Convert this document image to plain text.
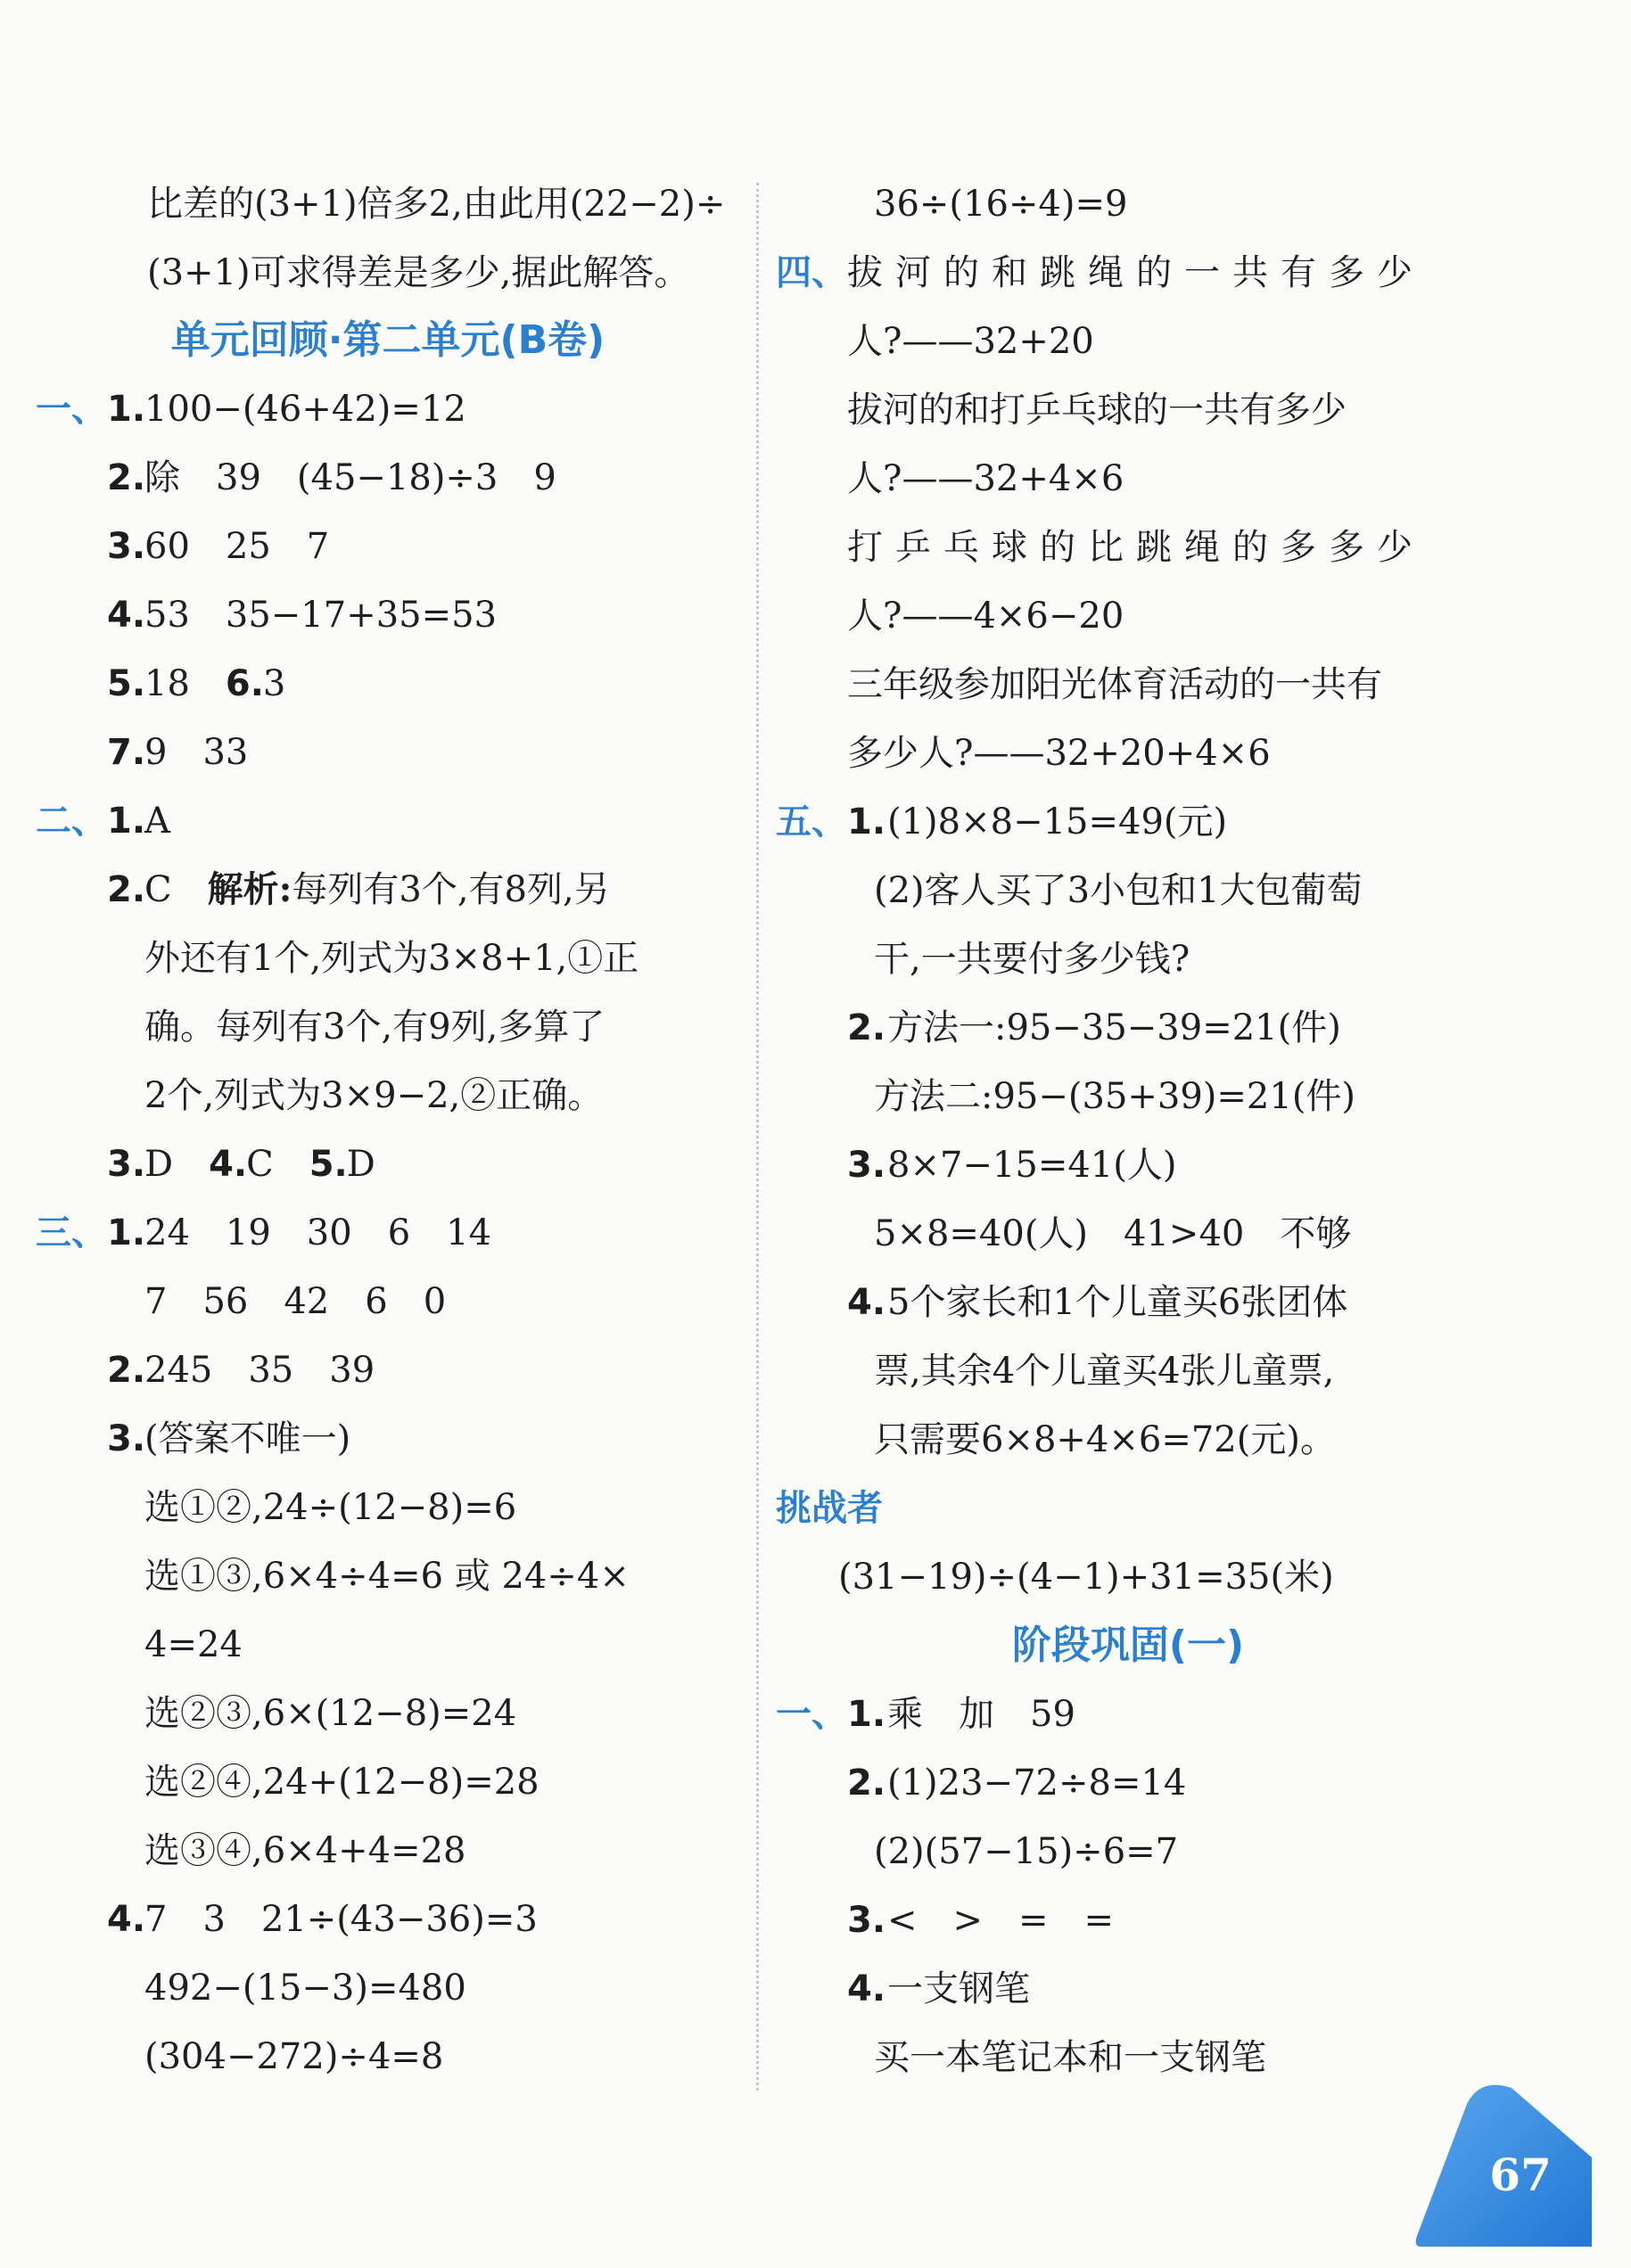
比差的(3+1)倍多2,由此用(22−2)÷
(3+1)可求得差是多少,据此解答。
单元回顾·第二单元(B卷)
一、1.100−(46+42)=12
2.除　39　(45−18)÷3　9
3.60　25　7
4.53　35−17+35=53
5.18 6.3
7.9　33
二、1.A
2.C 解析:每列有3个,有8列,另
外还有1个,列式为3×8+1,①正
确。每列有3个,有9列,多算了
2个,列式为3×9−2,②正确。
3.D 4.C 5.D
三、1.24　19　30　6　14
7　56　42　6　0
2.245　35　39
3.(答案不唯一)
选①②,24÷(12−8)=6
选①③,6×4÷4=6 或 24÷4×
4=24
选②③,6×(12−8)=24
选②④,24+(12−8)=28
选③④,6×4+4=28
4.7　3　21÷(43−36)=3
492−(15−3)=480
(304−272)÷4=8
36÷(16÷4)=9
四、拔河的和跳绳的一共有多少
人?——32+20
拔河的和打乒乓球的一共有多少
人?——32+4×6
打乒乓球的比跳绳的多多少
人?——4×6−20
三年级参加阳光体育活动的一共有
多少人?——32+20+4×6
五、1.(1)8×8−15=49(元)
(2)客人买了3小包和1大包葡萄
干,一共要付多少钱?
2.方法一:95−35−39=21(件)
方法二:95−(35+39)=21(件)
3.8×7−15=41(人)
5×8=40(人)　41>40　不够
4.5个家长和1个儿童买6张团体
票,其余4个儿童买4张儿童票,
只需要6×8+4×6=72(元)。
挑战者
(31−19)÷(4−1)+31=35(米)
阶段巩固(一)
一、1.乘　加　59
2.(1)23−72÷8=14
(2)(57−15)÷6=7
3.<　>　=　=
4.一支钢笔
买一本笔记本和一支钢笔
67
